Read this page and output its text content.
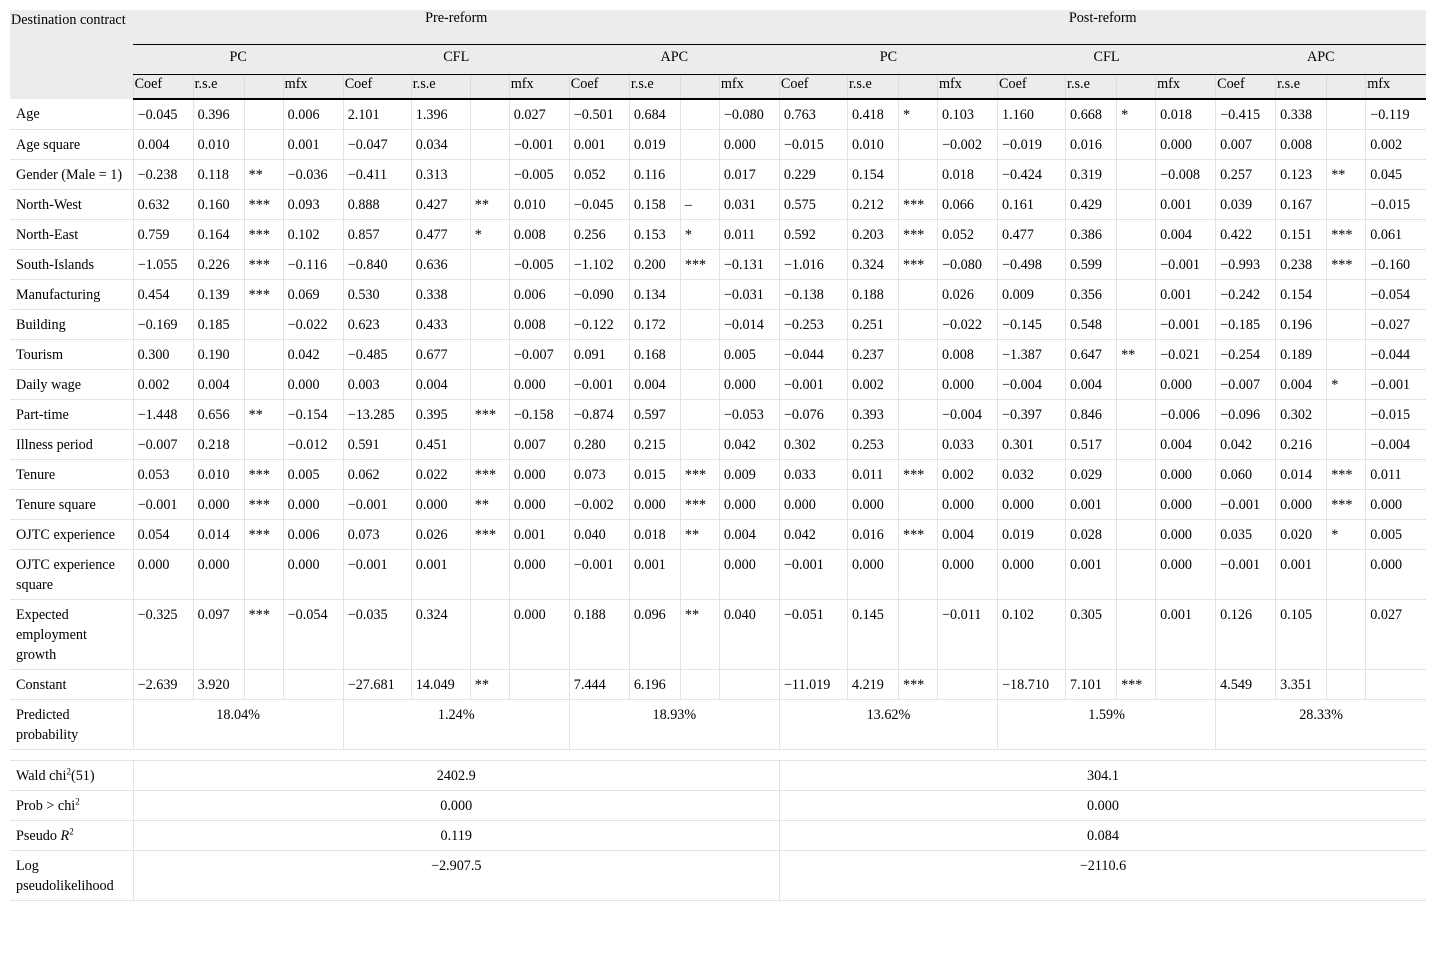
Destination contract	Pre-reform												Post-reform											
	PC				CFL				APC				PC				CFL				APC			
	Coef	r.s.e		mfx	Coef	r.s.e		mfx	Coef	r.s.e		mfx	Coef	r.s.e		mfx	Coef	r.s.e		mfx	Coef	r.s.e		mfx
Age	−0.045	0.396		0.006	2.101	1.396		0.027	−0.501	0.684		−0.080	0.763	0.418	*	0.103	1.160	0.668	*	0.018	−0.415	0.338		−0.119
Age square	0.004	0.010		0.001	−0.047	0.034		−0.001	0.001	0.019		0.000	−0.015	0.010		−0.002	−0.019	0.016		0.000	0.007	0.008		0.002
Gender (Male = 1)	−0.238	0.118	**	−0.036	−0.411	0.313		−0.005	0.052	0.116		0.017	0.229	0.154		0.018	−0.424	0.319		−0.008	0.257	0.123	**	0.045
North-West	0.632	0.160	***	0.093	0.888	0.427	**	0.010	−0.045	0.158	–	0.031	0.575	0.212	***	0.066	0.161	0.429		0.001	0.039	0.167		−0.015
North-East	0.759	0.164	***	0.102	0.857	0.477	*	0.008	0.256	0.153	*	0.011	0.592	0.203	***	0.052	0.477	0.386		0.004	0.422	0.151	***	0.061
South-Islands	−1.055	0.226	***	−0.116	−0.840	0.636		−0.005	−1.102	0.200	***	−0.131	−1.016	0.324	***	−0.080	−0.498	0.599		−0.001	−0.993	0.238	***	−0.160
Manufacturing	0.454	0.139	***	0.069	0.530	0.338		0.006	−0.090	0.134		−0.031	−0.138	0.188		0.026	0.009	0.356		0.001	−0.242	0.154		−0.054
Building	−0.169	0.185		−0.022	0.623	0.433		0.008	−0.122	0.172		−0.014	−0.253	0.251		−0.022	−0.145	0.548		−0.001	−0.185	0.196		−0.027
Tourism	0.300	0.190		0.042	−0.485	0.677		−0.007	0.091	0.168		0.005	−0.044	0.237		0.008	−1.387	0.647	**	−0.021	−0.254	0.189		−0.044
Daily wage	0.002	0.004		0.000	0.003	0.004		0.000	−0.001	0.004		0.000	−0.001	0.002		0.000	−0.004	0.004		0.000	−0.007	0.004	*	−0.001
Part-time	−1.448	0.656	**	−0.154	−13.285	0.395	***	−0.158	−0.874	0.597		−0.053	−0.076	0.393		−0.004	−0.397	0.846		−0.006	−0.096	0.302		−0.015
Illness period	−0.007	0.218		−0.012	0.591	0.451		0.007	0.280	0.215		0.042	0.302	0.253		0.033	0.301	0.517		0.004	0.042	0.216		−0.004
Tenure	0.053	0.010	***	0.005	0.062	0.022	***	0.000	0.073	0.015	***	0.009	0.033	0.011	***	0.002	0.032	0.029		0.000	0.060	0.014	***	0.011
Tenure square	−0.001	0.000	***	0.000	−0.001	0.000	**	0.000	−0.002	0.000	***	0.000	0.000	0.000		0.000	0.000	0.001		0.000	−0.001	0.000	***	0.000
OJTC experience	0.054	0.014	***	0.006	0.073	0.026	***	0.001	0.040	0.018	**	0.004	0.042	0.016	***	0.004	0.019	0.028		0.000	0.035	0.020	*	0.005
OJTC experience square	0.000	0.000		0.000	−0.001	0.001		0.000	−0.001	0.001		0.000	−0.001	0.000		0.000	0.000	0.001		0.000	−0.001	0.001		0.000
Expected employment growth	−0.325	0.097	***	−0.054	−0.035	0.324		0.000	0.188	0.096	**	0.040	−0.051	0.145		−0.011	0.102	0.305		0.001	0.126	0.105		0.027
Constant	−2.639	3.920			−27.681	14.049	**		7.444	6.196			−11.019	4.219	***		−18.710	7.101	***		4.549	3.351		
Predicted probability	18.04%				1.24%				18.93%				13.62%				1.59%				28.33%			

Wald chi$^2$(51)	2402.9												304.1											
Prob > chi$^2$	0.000												0.000											
Pseudo $R^2$	0.119												0.084											
Log pseudolikelihood	−2.907.5												−2110.6											
